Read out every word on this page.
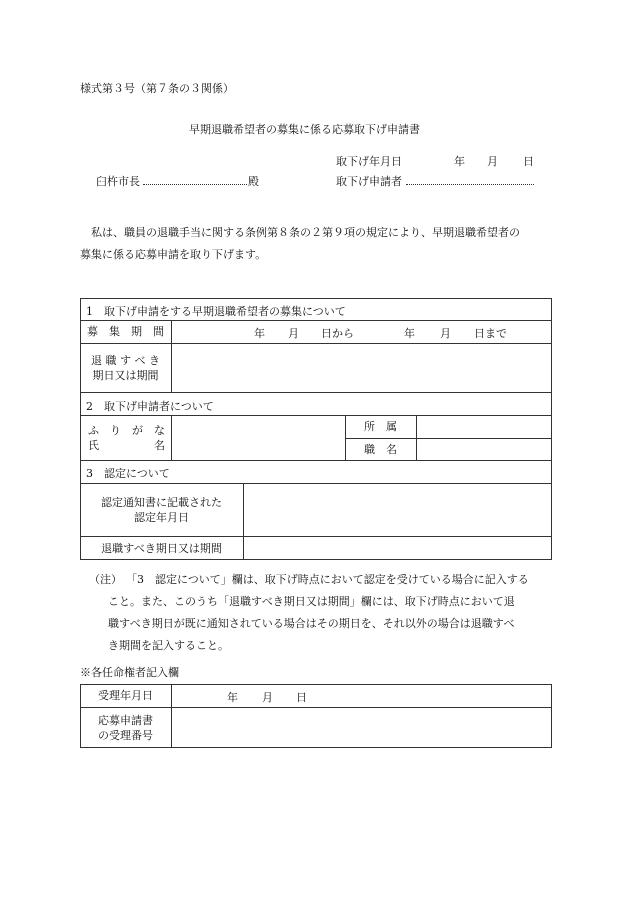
様式第３号（第７条の３関係）
早期退職希望者の募集に係る応募取下げ申請書
取下げ年月日	年 月 日
臼杵市長	殿	取下げ申請者
　私は、職員の退職手当に関する条例第８条の２第９項の規定により、早期退職希望者の
募集に係る応募申請を取り下げます。
1　取下げ申請をする早期退職希望者の募集について
募　集　期　間	年 月 日から	年 月 日まで
退 職 す べ き
期日又は期間
2　取下げ申請者について
ふ　り　が　な
氏　　　　　名
所　属
職　名
3　認定について
認定通知書に記載された
認定年月日
退職すべき期日又は期間
（注） 「3　認定について」欄は、取下げ時点において認定を受けている場合に記入する
こと。また、このうち「退職すべき期日又は期間」欄には、取下げ時点において退
職すべき期日が既に通知されている場合はその期日を、それ以外の場合は退職すべ
き期間を記入すること。
※各任命権者記入欄
受理年月日	年 月 日
応募申請書
の受理番号
